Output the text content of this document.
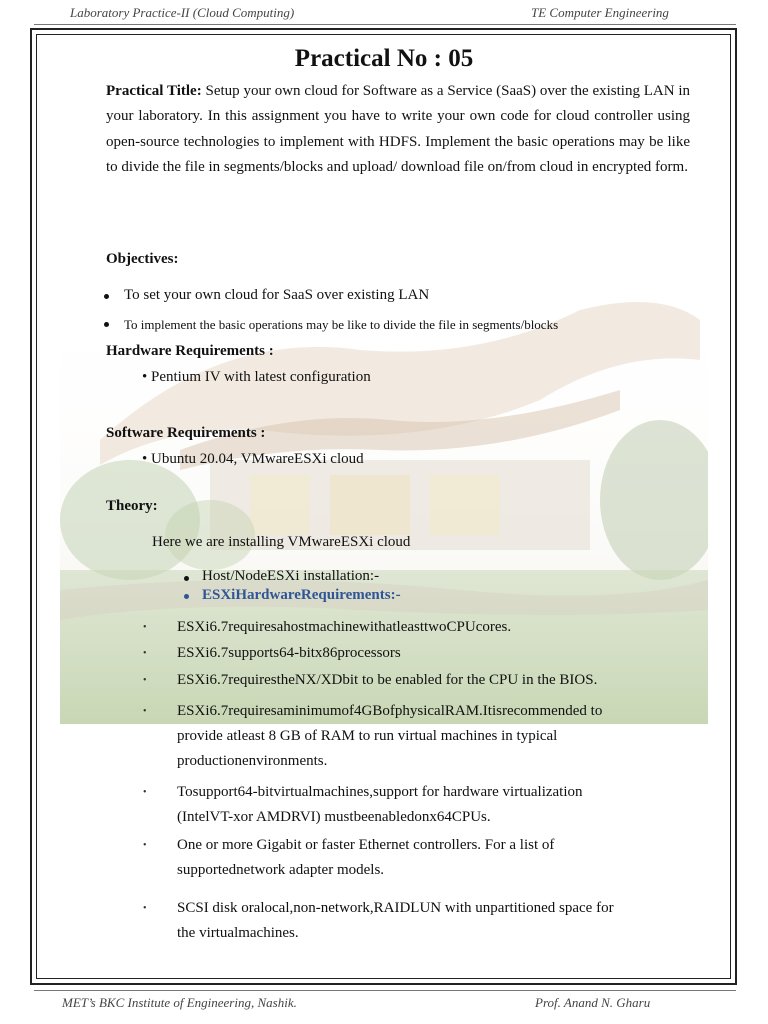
Laboratory Practice-II (Cloud Computing)	TE Computer Engineering
Practical No : 05
Practical Title: Setup your own cloud for Software as a Service (SaaS) over the existing LAN in your laboratory. In this assignment you have to write your own code for cloud controller using open-source technologies to implement with HDFS. Implement the basic operations may be like to divide the file in segments/blocks and upload/ download file on/from cloud in encrypted form.
Objectives:
To set your own cloud for SaaS over existing LAN
To implement the basic operations may be like to divide the file in segments/blocks
Hardware Requirements :
• Pentium IV with latest configuration
Software Requirements :
• Ubuntu 20.04, VMwareESXi cloud
Theory:
Here we are installing VMwareESXi cloud
Host/NodeESXi installation:-
ESXiHardwareRequirements:-
• ESXi6.7requiresahostmachinewithatleasttwoCPUcores.
• ESXi6.7supports64-bitx86processors
• ESXi6.7requirestheNX/XDbit to be enabled for the CPU in the BIOS.
• ESXi6.7requiresaminimumof4GBofphysicalRAM.Itisrecommended to
provide atleast 8 GB of RAM to run virtual machines in typical
productionenvironments.
• Tosupport64-bitvirtualmachines,support for hardware virtualization
(IntelVT-xor AMDRVI) mustbeenabledonx64CPUs.
• One or more Gigabit or faster Ethernet controllers. For a list of
supportednetwork adapter models.
• SCSI disk oralocal,non-network,RAIDLUN with unpartitioned space for
the virtualmachines.
MET’s BKC Institute of Engineering, Nashik.	Prof. Anand N. Gharu
